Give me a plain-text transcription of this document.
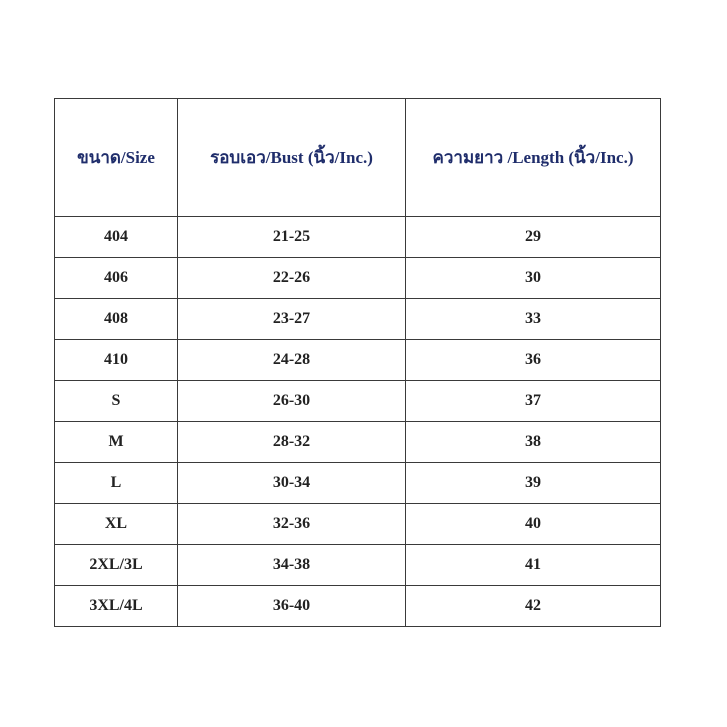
ขนาด/Size	รอบเอว/Bust (นิ้ว/Inc.)	ความยาว /Length (นิ้ว/Inc.)
404	21-25	29
406	22-26	30
408	23-27	33
410	24-28	36
S	26-30	37
M	28-32	38
L	30-34	39
XL	32-36	40
2XL/3L	34-38	41
3XL/4L	36-40	42
